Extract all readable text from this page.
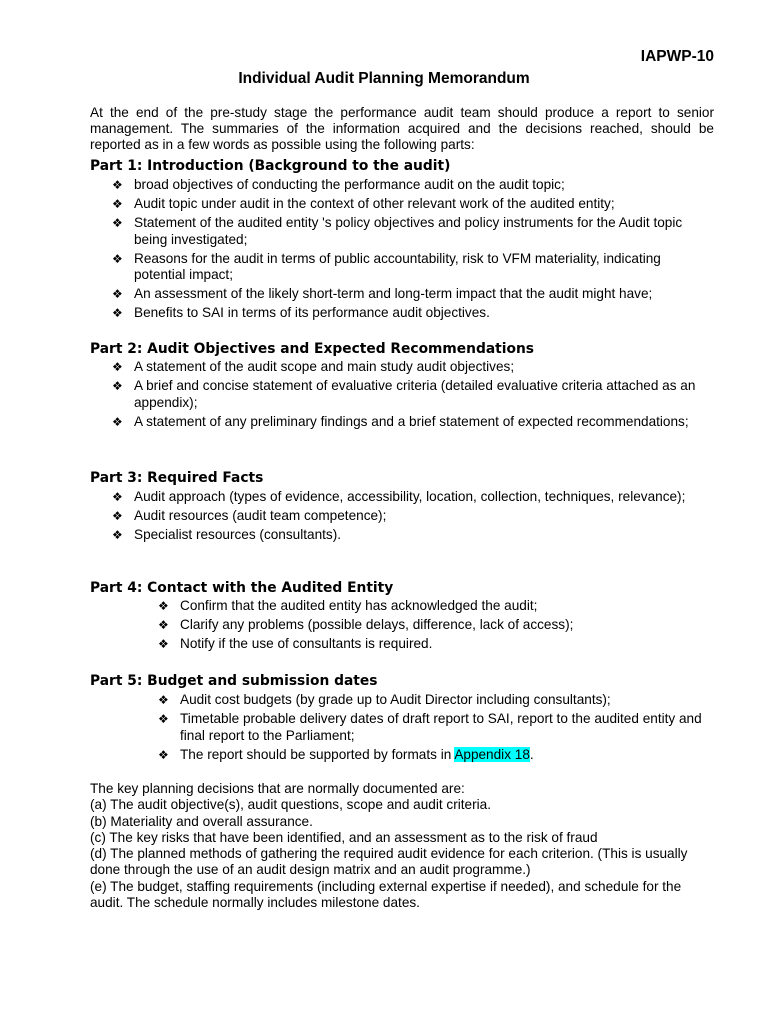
IAPWP-10
Individual Audit Planning Memorandum

At the end of the pre-study stage the performance audit team should produce a report to senior management. The summaries of the information acquired and the decisions reached, should be reported as in a few words as possible using the following parts:

Part 1: Introduction (Background to the audit)
❖ broad objectives of conducting the performance audit on the audit topic;
❖ Audit topic under audit in the context of other relevant work of the audited entity;
❖ Statement of the audited entity 's policy objectives and policy instruments for the Audit topic being investigated;
❖ Reasons for the audit in terms of public accountability, risk to VFM materiality, indicating potential impact;
❖ An assessment of the likely short-term and long-term impact that the audit might have;
❖ Benefits to SAI in terms of its performance audit objectives.
Part 2: Audit Objectives and Expected Recommendations
❖ A statement of the audit scope and main study audit objectives;
❖ A brief and concise statement of evaluative criteria (detailed evaluative criteria attached as an appendix);
❖ A statement of any preliminary findings and a brief statement of expected recommendations;
Part 3: Required Facts
❖ Audit approach (types of evidence, accessibility, location, collection, techniques, relevance);
❖ Audit resources (audit team competence);
❖ Specialist resources (consultants).
Part 4: Contact with the Audited Entity
❖ Confirm that the audited entity has acknowledged the audit;
❖ Clarify any problems (possible delays, difference, lack of access);
❖ Notify if the use of consultants is required.
Part 5: Budget and submission dates
❖ Audit cost budgets (by grade up to Audit Director including consultants);
❖ Timetable probable delivery dates of draft report to SAI, report to the audited entity and final report to the Parliament;
❖ The report should be supported by formats in Appendix 18.

The key planning decisions that are normally documented are:

(a) The audit objective(s), audit questions, scope and audit criteria.

(b) Materiality and overall assurance.

(c) The key risks that have been identified, and an assessment as to the risk of fraud

(d) The planned methods of gathering the required audit evidence for each criterion. (This is usually done through the use of an audit design matrix and an audit programme.)

(e) The budget, staffing requirements (including external expertise if needed), and schedule for the audit. The schedule normally includes milestone dates.
